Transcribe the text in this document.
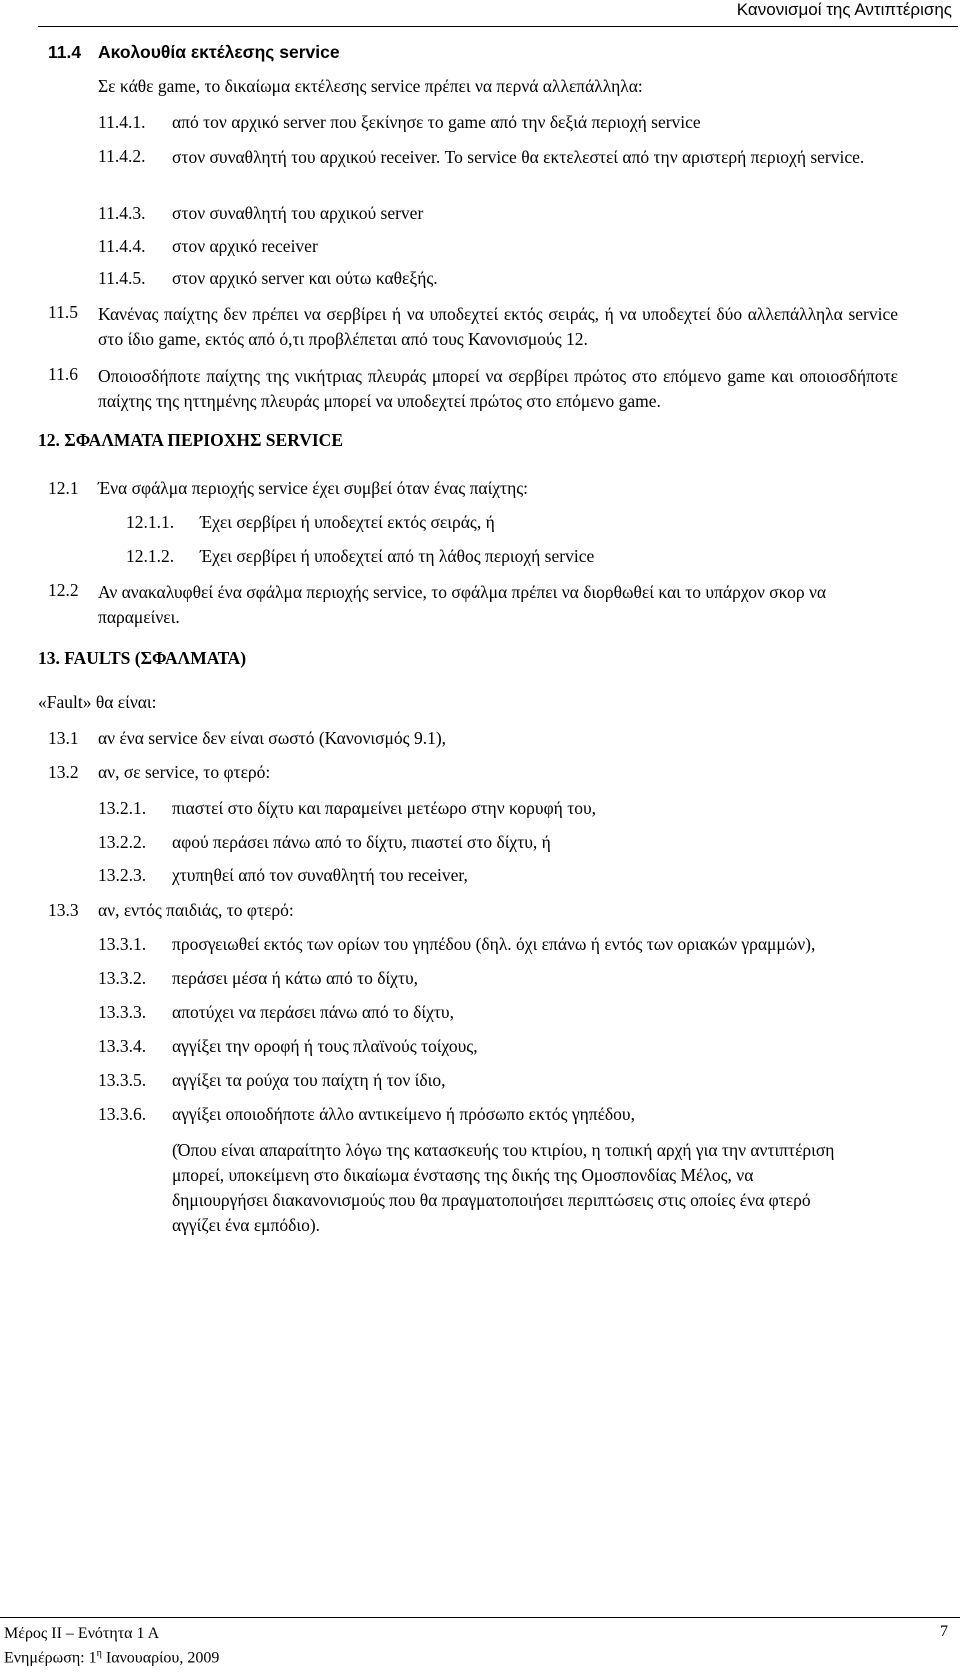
Κανονισμοί της Αντιπτέρισης
11.4 Ακολουθία εκτέλεσης service
Σε κάθε game, το δικαίωμα εκτέλεσης service πρέπει να περνά αλλεπάλληλα:
11.4.1. από τον αρχικό server που ξεκίνησε το game από την δεξιά περιοχή service
11.4.2. στον συναθλητή του αρχικού receiver. Το service θα εκτελεστεί από την αριστερή περιοχή service.
11.4.3. στον συναθλητή του αρχικού server
11.4.4. στον αρχικό receiver
11.4.5. στον αρχικό server και ούτω καθεξής.
11.5 Κανένας παίχτης δεν πρέπει να σερβίρει ή να υποδεχτεί εκτός σειράς, ή να υποδεχτεί δύο αλλεπάλληλα service στο ίδιο game, εκτός από ό,τι προβλέπεται από τους Κανονισμούς 12.
11.6 Οποιοσδήποτε παίχτης της νικήτριας πλευράς μπορεί να σερβίρει πρώτος στο επόμενο game και οποιοσδήποτε παίχτης της ηττημένης πλευράς μπορεί να υποδεχτεί πρώτος στο επόμενο game.
12. ΣΦΑΛΜΑΤΑ ΠΕΡΙΟΧΗΣ SERVICE
12.1 Ένα σφάλμα περιοχής service έχει συμβεί όταν ένας παίχτης:
12.1.1. Έχει σερβίρει ή υποδεχτεί εκτός σειράς, ή
12.1.2. Έχει σερβίρει ή υποδεχτεί από τη λάθος περιοχή service
12.2 Αν ανακαλυφθεί ένα σφάλμα περιοχής service, το σφάλμα πρέπει να διορθωθεί και το υπάρχον σκορ να παραμείνει.
13. FAULTS (ΣΦΑΛΜΑΤΑ)
«Fault» θα είναι:
13.1 αν ένα service δεν είναι σωστό (Κανονισμός 9.1),
13.2 αν, σε service, το φτερό:
13.2.1. πιαστεί στο δίχτυ και παραμείνει μετέωρο στην κορυφή του,
13.2.2. αφού περάσει πάνω από το δίχτυ, πιαστεί στο δίχτυ, ή
13.2.3. χτυπηθεί από τον συναθλητή του receiver,
13.3 αν, εντός παιδιάς, το φτερό:
13.3.1. προσγειωθεί εκτός των ορίων του γηπέδου (δηλ. όχι επάνω ή εντός των οριακών γραμμών),
13.3.2. περάσει μέσα ή κάτω από το δίχτυ,
13.3.3. αποτύχει να περάσει πάνω από το δίχτυ,
13.3.4. αγγίξει την οροφή ή τους πλαϊνούς τοίχους,
13.3.5. αγγίξει τα ρούχα του παίχτη ή τον ίδιο,
13.3.6. αγγίξει οποιοδήποτε άλλο αντικείμενο ή πρόσωπο εκτός γηπέδου,
(Όπου είναι απαραίτητο λόγω της κατασκευής του κτιρίου, η τοπική αρχή για την αντιπτέριση μπορεί, υποκείμενη στο δικαίωμα ένστασης της δικής της Ομοσπονδίας Μέλος, να δημιουργήσει διακανονισμούς που θα πραγματοποιήσει περιπτώσεις στις οποίες ένα φτερό αγγίζει ένα εμπόδιο).
Μέρος ΙΙ – Ενότητα 1 Α	7
Ενημέρωση: $1^\eta$ Ιανουαρίου, 2009
